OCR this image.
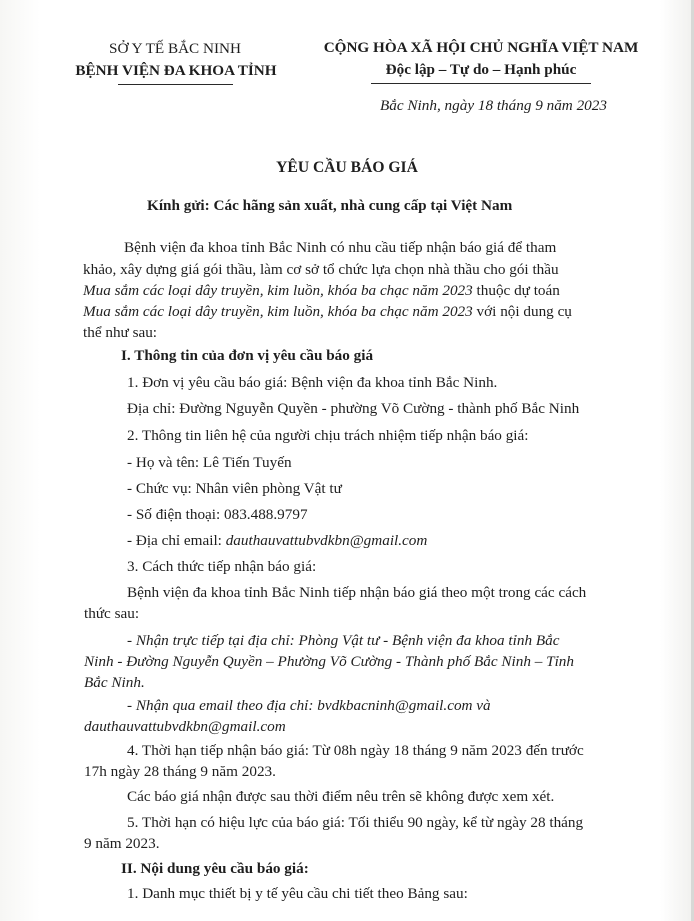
SỞ Y TẾ BẮC NINH
BỆNH VIỆN ĐA KHOA TỈNH
CỘNG HÒA XÃ HỘI CHỦ NGHĨA VIỆT NAM
Độc lập – Tự do – Hạnh phúc
Bắc Ninh, ngày 18 tháng 9 năm 2023
YÊU CẦU BÁO GIÁ
Kính gửi: Các hãng sản xuất, nhà cung cấp tại Việt Nam
Bệnh viện đa khoa tỉnh Bắc Ninh có nhu cầu tiếp nhận báo giá để tham
khảo, xây dựng giá gói thầu, làm cơ sở tổ chức lựa chọn nhà thầu cho gói thầu
Mua sắm các loại dây truyền, kim luồn, khóa ba chạc năm 2023 thuộc dự toán
Mua sắm các loại dây truyền, kim luồn, khóa ba chạc năm 2023 với nội dung cụ
thể như sau:
I. Thông tin của đơn vị yêu cầu báo giá
1. Đơn vị yêu cầu báo giá: Bệnh viện đa khoa tỉnh Bắc Ninh.
Địa chỉ: Đường Nguyễn Quyền - phường Võ Cường - thành phố Bắc Ninh
2. Thông tin liên hệ của người chịu trách nhiệm tiếp nhận báo giá:
- Họ và tên: Lê Tiến Tuyến
- Chức vụ: Nhân viên phòng Vật tư
- Số điện thoại: 083.488.9797
- Địa chỉ email: dauthauvattubvdkbn@gmail.com
3. Cách thức tiếp nhận báo giá:
Bệnh viện đa khoa tỉnh Bắc Ninh tiếp nhận báo giá theo một trong các cách
thức sau:
- Nhận trực tiếp tại địa chỉ: Phòng Vật tư - Bệnh viện đa khoa tỉnh Bắc
Ninh - Đường Nguyễn Quyền – Phường Võ Cường - Thành phố Bắc Ninh – Tỉnh
Bắc Ninh.
- Nhận qua email theo địa chỉ: bvdkbacninh@gmail.com và
dauthauvattubvdkbn@gmail.com
4. Thời hạn tiếp nhận báo giá: Từ 08h ngày 18 tháng 9 năm 2023 đến trước
17h ngày 28 tháng 9 năm 2023.
Các báo giá nhận được sau thời điểm nêu trên sẽ không được xem xét.
5. Thời hạn có hiệu lực của báo giá: Tối thiểu 90 ngày, kể từ ngày 28 tháng
9 năm 2023.
II. Nội dung yêu cầu báo giá:
1. Danh mục thiết bị y tế yêu cầu chi tiết theo Bảng sau:
